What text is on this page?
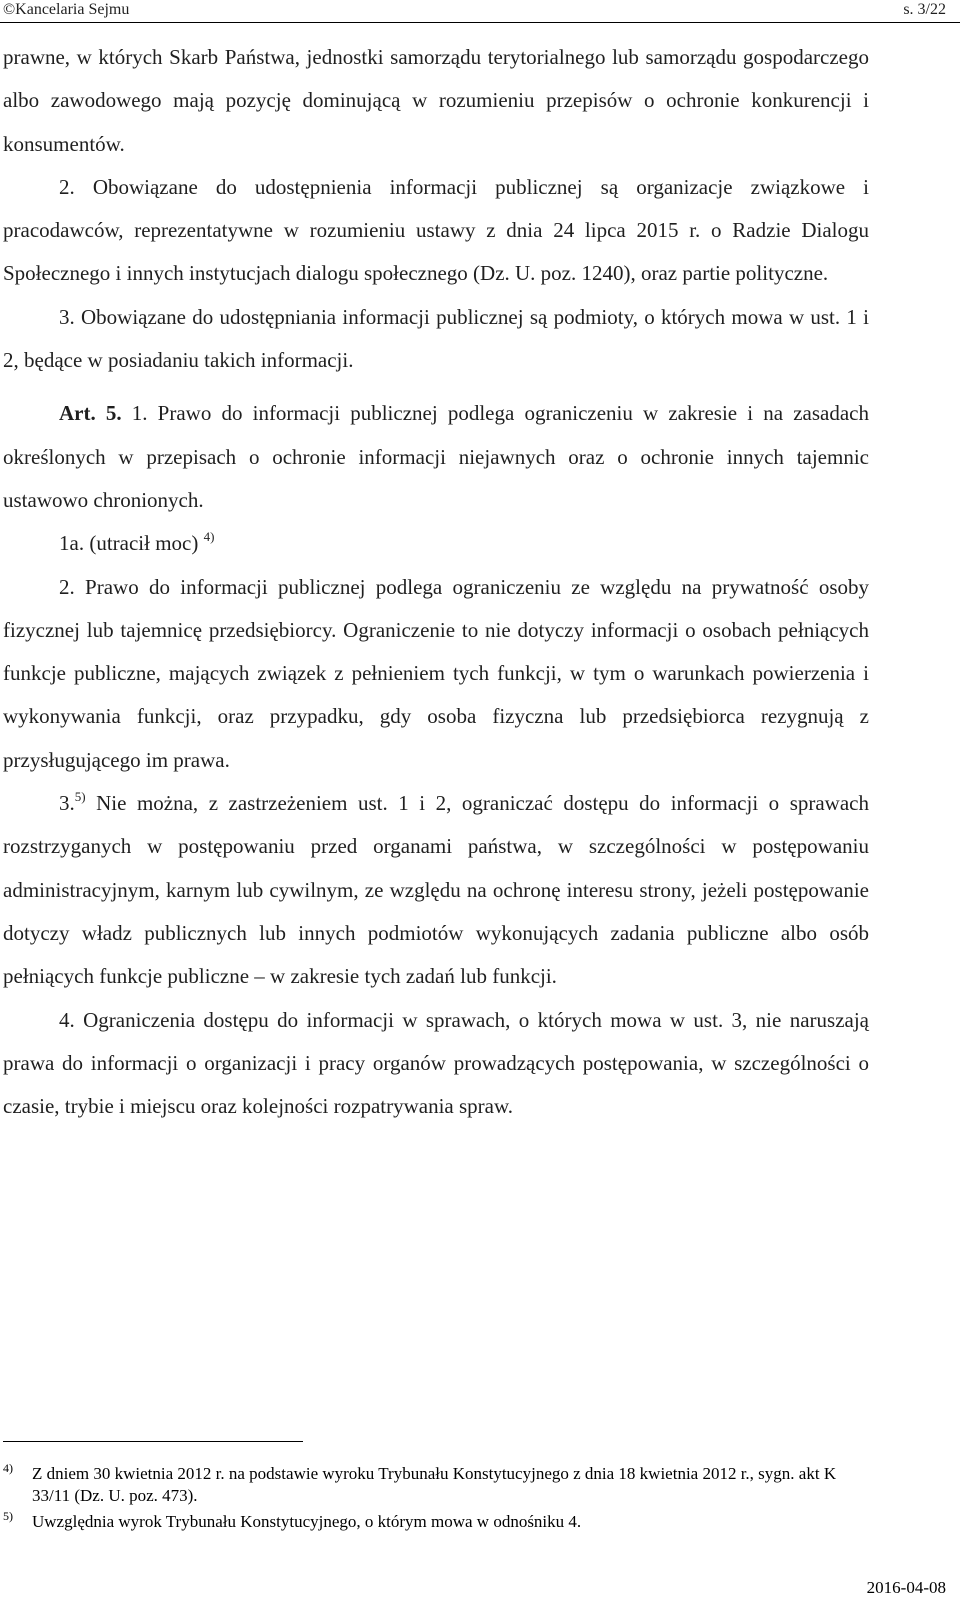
©Kancelaria Sejmu	s. 3/22

prawne, w których Skarb Państwa, jednostki samorządu terytorialnego lub samorządu gospodarczego albo zawodowego mają pozycję dominującą w rozumieniu przepisów o ochronie konkurencji i konsumentów.

2. Obowiązane do udostępnienia informacji publicznej są organizacje związkowe i pracodawców, reprezentatywne w rozumieniu ustawy z dnia 24 lipca 2015 r. o Radzie Dialogu Społecznego i innych instytucjach dialogu społecznego (Dz. U. poz. 1240), oraz partie polityczne.

3. Obowiązane do udostępniania informacji publicznej są podmioty, o których mowa w ust. 1 i 2, będące w posiadaniu takich informacji.

Art. 5. 1. Prawo do informacji publicznej podlega ograniczeniu w zakresie i na zasadach określonych w przepisach o ochronie informacji niejawnych oraz o ochronie innych tajemnic ustawowo chronionych.

1a. (utracił moc) $^{4)}$

2. Prawo do informacji publicznej podlega ograniczeniu ze względu na prywatność osoby fizycznej lub tajemnicę przedsiębiorcy. Ograniczenie to nie dotyczy informacji o osobach pełniących funkcje publiczne, mających związek z pełnieniem tych funkcji, w tym o warunkach powierzenia i wykonywania funkcji, oraz przypadku, gdy osoba fizyczna lub przedsiębiorca rezygnują z przysługującego im prawa.

3.$^{5)}$ Nie można, z zastrzeżeniem ust. 1 i 2, ograniczać dostępu do informacji o sprawach rozstrzyganych w postępowaniu przed organami państwa, w szczególności w postępowaniu administracyjnym, karnym lub cywilnym, ze względu na ochronę interesu strony, jeżeli postępowanie dotyczy władz publicznych lub innych podmiotów wykonujących zadania publiczne albo osób pełniących funkcje publiczne – w zakresie tych zadań lub funkcji.

4. Ograniczenia dostępu do informacji w sprawach, o których mowa w ust. 3, nie naruszają prawa do informacji o organizacji i pracy organów prowadzących postępowania, w szczególności o czasie, trybie i miejscu oraz kolejności rozpatrywania spraw.

4) Z dniem 30 kwietnia 2012 r. na podstawie wyroku Trybunału Konstytucyjnego z dnia 18 kwietnia 2012 r., sygn. akt K 33/11 (Dz. U. poz. 473).
5) Uwzględnia wyrok Trybunału Konstytucyjnego, o którym mowa w odnośniku 4.
2016-04-08
